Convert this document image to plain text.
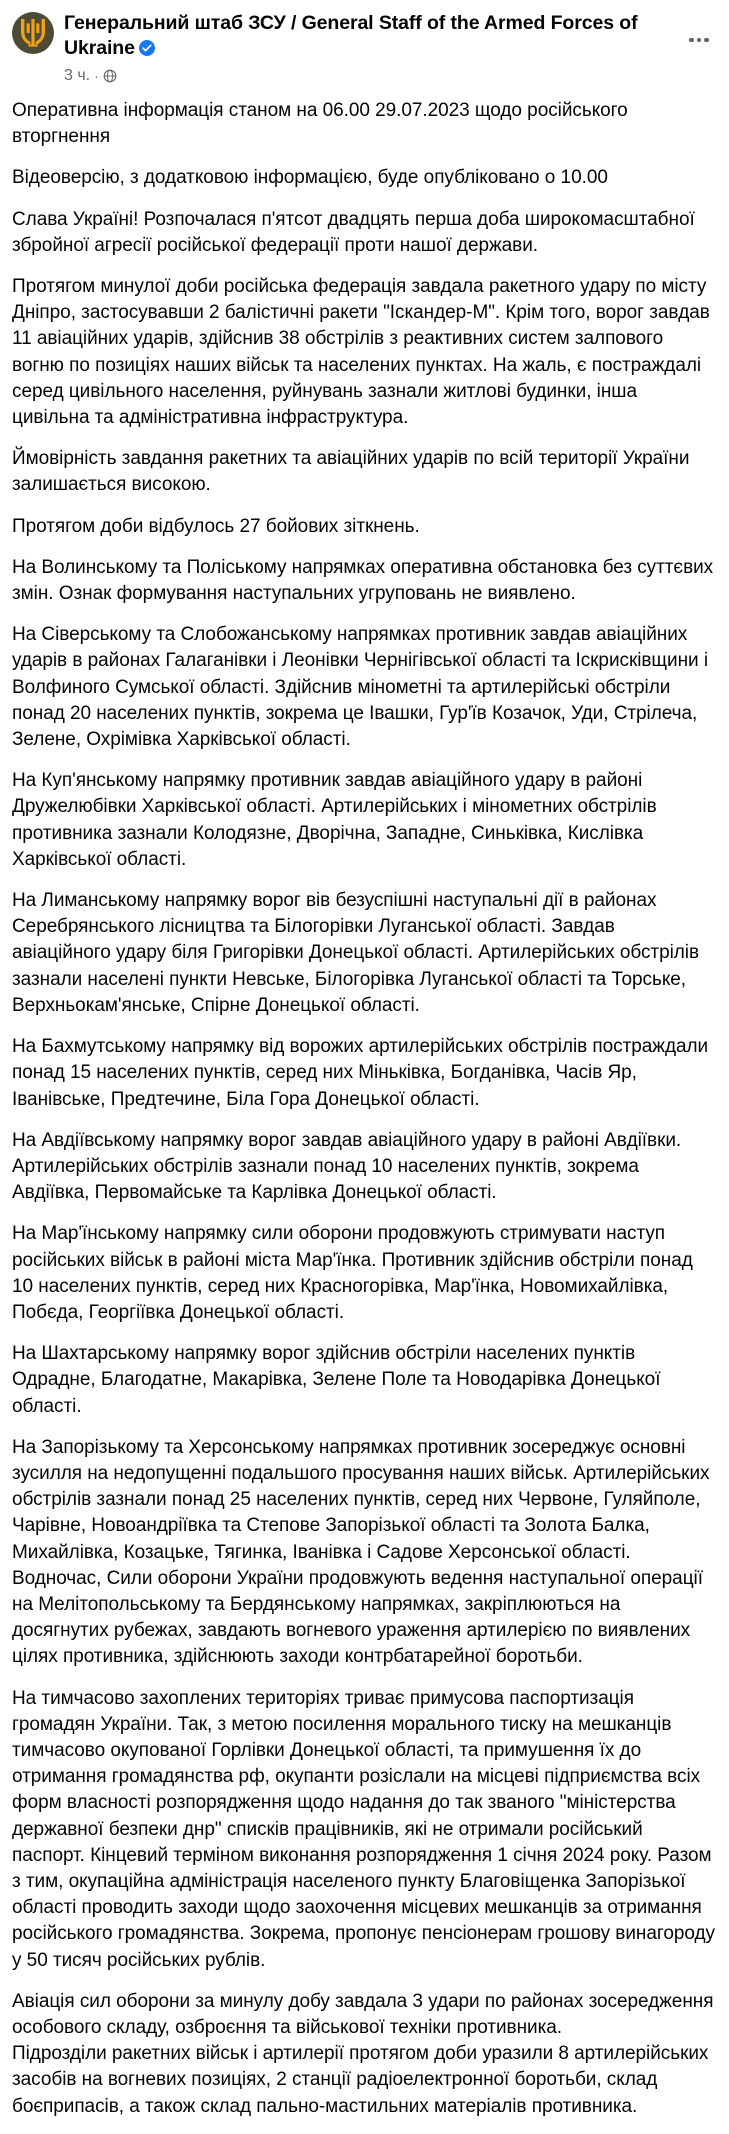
Генеральний штаб ЗСУ / General Staff of the Armed Forces of Ukraine
3 ч. ·

Оперативна інформація станом на 06.00 29.07.2023 щодо російського вторгнення

Відеоверсію, з додатковою інформацією, буде опубліковано о 10.00

Слава Україні! Розпочалася п'ятсот двадцять перша доба широкомасштабної збройної агресії російської федерації проти нашої держави.

Протягом минулої доби російська федерація завдала ракетного удару по місту Дніпро, застосувавши 2 балістичні ракети "Іскандер-М". Крім того, ворог завдав 11 авіаційних ударів, здійснив 38 обстрілів з реактивних систем залпового вогню по позиціях наших військ та населених пунктах. На жаль, є постраждалі серед цивільного населення, руйнувань зазнали житлові будинки, інша цивільна та адміністративна інфраструктура.

Ймовірність завдання ракетних та авіаційних ударів по всій території України залишається високою.

Протягом доби відбулось 27 бойових зіткнень.

На Волинському та Поліському напрямках оперативна обстановка без суттєвих змін. Ознак формування наступальних угруповань не виявлено.

На Сіверському та Слобожанському напрямках противник завдав авіаційних ударів в районах Галаганівки і Леонівки Чернігівської області та Іскрисківщини і Волфиного Сумської області. Здійснив мінометні та артилерійські обстріли понад 20 населених пунктів, зокрема це Івашки, Гур'їв Козачок, Уди, Стрілеча, Зелене, Охрімівка Харківської області.

На Куп'янському напрямку противник завдав авіаційного удару в районі Дружелюбівки Харківської області. Артилерійських і мінометних обстрілів противника зазнали Колодязне, Дворічна, Западне, Синьківка, Кислівка Харківської області.

На Лиманському напрямку ворог вів безуспішні наступальні дії в районах Серебрянського лісництва та Білогорівки Луганської області. Завдав авіаційного удару біля Григорівки Донецької області. Артилерійських обстрілів зазнали населені пункти Невське, Білогорівка Луганської області та Торське, Верхньокам'янське, Спірне Донецької області.

На Бахмутському напрямку від ворожих артилерійських обстрілів постраждали понад 15 населених пунктів, серед них Міньківка, Богданівка, Часів Яр, Іванівське, Предтечине, Біла Гора Донецької області.

На Авдіївському напрямку ворог завдав авіаційного удару в районі Авдіївки. Артилерійських обстрілів зазнали понад 10 населених пунктів, зокрема Авдіївка, Первомайське та Карлівка Донецької області.

На Мар'їнському напрямку сили оборони продовжують стримувати наступ російських військ в районі міста Мар'їнка. Противник здійснив обстріли понад 10 населених пунктів, серед них Красногорівка, Мар'їнка, Новомихайлівка, Побєда, Георгіївка Донецької області.

На Шахтарському напрямку ворог здійснив обстріли населених пунктів Одрадне, Благодатне, Макарівка, Зелене Поле та Новодарівка Донецької області.

На Запорізькому та Херсонському напрямках противник зосереджує основні зусилля на недопущенні подальшого просування наших військ. Артилерійських обстрілів зазнали понад 25 населених пунктів, серед них Червоне, Гуляйполе, Чарівне, Новоандріївка та Степове Запорізької області та Золота Балка, Михайлівка, Козацьке, Тягинка, Іванівка і Садове Херсонської області. Водночас, Сили оборони України продовжують ведення наступальної операції на Мелітопольському та Бердянському напрямках, закріплюються на досягнутих рубежах, завдають вогневого ураження артилерією по виявлених цілях противника, здійснюють заходи контрбатарейної боротьби.

На тимчасово захоплених територіях триває примусова паспортизація громадян України. Так, з метою посилення морального тиску на мешканців тимчасово окупованої Горлівки Донецької області, та примушення їх до отримання громадянства рф, окупанти розіслали на місцеві підприємства всіх форм власності розпорядження щодо надання до так званого "міністерства державної безпеки днр" списків працівників, які не отримали російський паспорт. Кінцевий терміном виконання розпорядження 1 січня 2024 року. Разом з тим, окупаційна адміністрація населеного пункту Благовіщенка Запорізької області проводить заходи щодо заохочення місцевих мешканців за отримання російського громадянства. Зокрема, пропонує пенсіонерам грошову винагороду у 50 тисяч російських рублів.

Авіація сил оборони за минулу добу завдала 3 удари по районах зосередження особового складу, озброєння та військової техніки противника.

Підрозділи ракетних військ і артилерії протягом доби уразили 8 артилерійських засобів на вогневих позиціях, 2 станції радіоелектронної боротьби, склад боєприпасів, а також склад пально-мастильних матеріалів противника.
